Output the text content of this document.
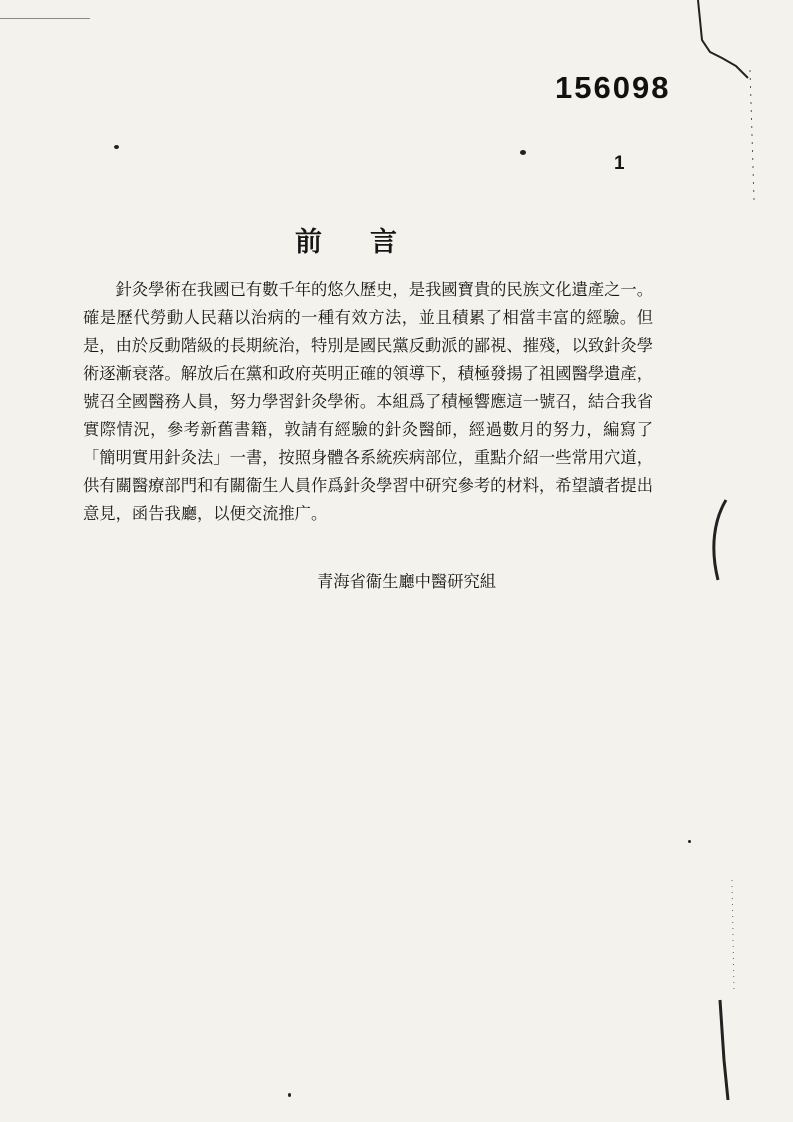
156098
1
前言

針灸學術在我國已有數千年的悠久歷史，是我國寶貴的民族文化遺產之一。確是歷代勞動人民藉以治病的一種有效方法，並且積累了相當丰富的經驗。但是，由於反動階級的長期統治，特別是國民黨反動派的鄙視、摧殘，以致針灸學術逐漸衰落。解放后在黨和政府英明正確的領導下，積極發揚了祖國醫學遺產，號召全國醫務人員，努力學習針灸學術。本組爲了積極響應這一號召，結合我省實際情況，參考新舊書籍，敦請有經驗的針灸醫師，經過數月的努力，編寫了「簡明實用針灸法」一書，按照身體各系統疾病部位，重點介紹一些常用穴道，供有關醫療部門和有關衞生人員作爲針灸學習中研究參考的材料，希望讀者提出意見，函告我廳，以便交流推广。

青海省衞生廳中醫研究組
